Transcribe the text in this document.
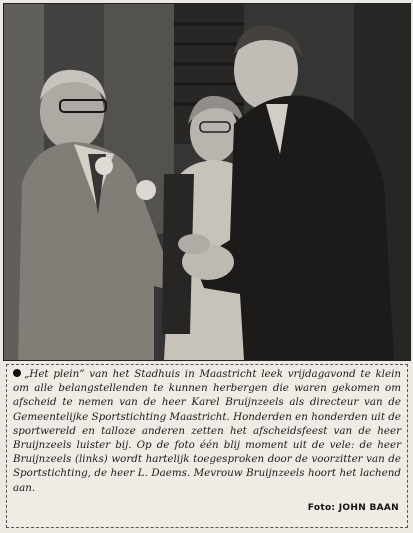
„Het plein” van het Stadhuis in Maastricht leek vrijdagavond te klein om alle belangstellenden te kunnen herbergen die waren gekomen om afscheid te nemen van de heer Karel Bruijnzeels als directeur van de Gemeentelijke Sportstichting Maastricht. Honderden en honderden uit de sportwereld en talloze anderen zetten het afscheidsfeest van de heer Bruijnzeels luister bij. Op de foto één blij moment uit de vele: de heer Bruijnzeels (links) wordt hartelijk toegesproken door de voorzitter van de Sportstichting, de heer L. Daems. Mevrouw Bruijnzeels hoort het lachend aan.

Foto: JOHN BAAN
